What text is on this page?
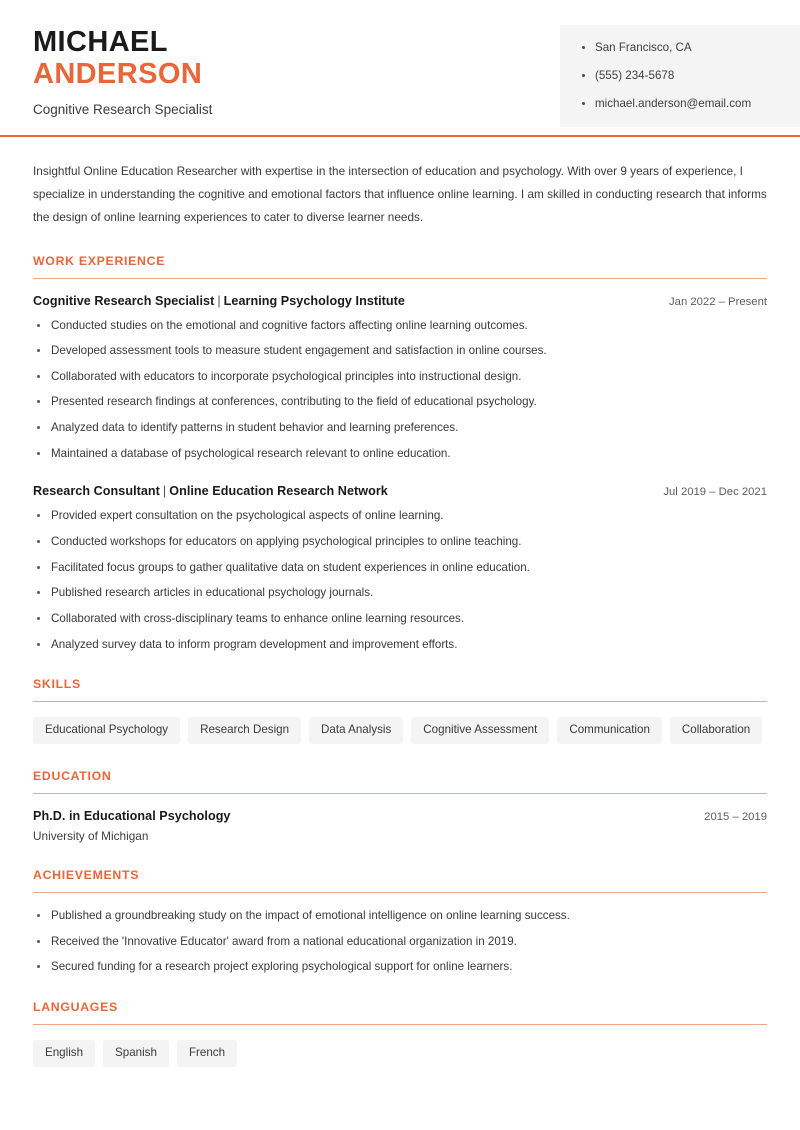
MICHAEL
ANDERSON
Cognitive Research Specialist
San Francisco, CA
(555) 234-5678
michael.anderson@email.com
Insightful Online Education Researcher with expertise in the intersection of education and psychology. With over 9 years of experience, I specialize in understanding the cognitive and emotional factors that influence online learning. I am skilled in conducting research that informs the design of online learning experiences to cater to diverse learner needs.
WORK EXPERIENCE
Cognitive Research Specialist | Learning Psychology Institute	Jan 2022 – Present
Conducted studies on the emotional and cognitive factors affecting online learning outcomes.
Developed assessment tools to measure student engagement and satisfaction in online courses.
Collaborated with educators to incorporate psychological principles into instructional design.
Presented research findings at conferences, contributing to the field of educational psychology.
Analyzed data to identify patterns in student behavior and learning preferences.
Maintained a database of psychological research relevant to online education.
Research Consultant | Online Education Research Network	Jul 2019 – Dec 2021
Provided expert consultation on the psychological aspects of online learning.
Conducted workshops for educators on applying psychological principles to online teaching.
Facilitated focus groups to gather qualitative data on student experiences in online education.
Published research articles in educational psychology journals.
Collaborated with cross-disciplinary teams to enhance online learning resources.
Analyzed survey data to inform program development and improvement efforts.
SKILLS
Educational Psychology	Research Design	Data Analysis	Cognitive Assessment	Communication	Collaboration
EDUCATION
Ph.D. in Educational Psychology	2015 – 2019
University of Michigan
ACHIEVEMENTS
Published a groundbreaking study on the impact of emotional intelligence on online learning success.
Received the 'Innovative Educator' award from a national educational organization in 2019.
Secured funding for a research project exploring psychological support for online learners.
LANGUAGES
English	Spanish	French
